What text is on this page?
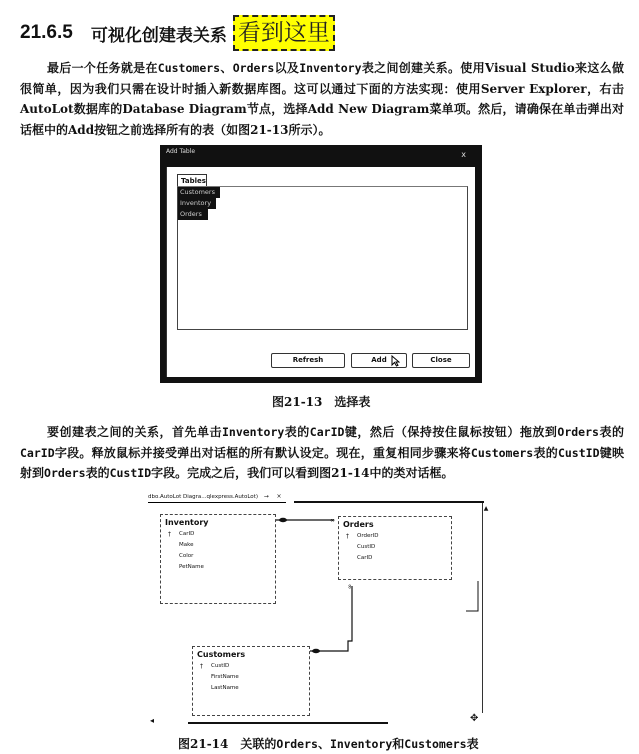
21.6.5 可视化创建表关系 看到这里

最后一个任务就是在Customers、Orders以及Inventory表之间创建关系。使用Visual Studio来这么做很简单，因为我们只需在设计时插入新数据库图。这可以通过下面的方法实现：使用Server Explorer，右击AutoLot数据库的Database Diagram节点，选择Add New Diagram菜单项。然后，请确保在单击弹出对话框中的Add按钮之前选择所有的表（如图21-13所示）。

Add Table	x
Tables
Customers
Inventory
Orders
Refresh	Add	Close
图21-13　选择表

要创建表之间的关系，首先单击Inventory表的CarID键，然后（保持按住鼠标按钮）拖放到Orders表的CarID字段。释放鼠标并接受弹出对话框的所有默认设定。现在，重复相同步骤来将Customers表的CustID键映射到Orders表的CustID字段。完成之后，我们可以看到图21-14中的类对话框。

dbo.AutoLot Diagra...qlexpress.AutoLot) → ×
▲
Inventory
† CarID
Make
Color
PetName
Orders
† OrderID
CustID
CarID
Customers
† CustID
FirstName
LastName
∞
∞
◂	✥
图21-14　关联的Orders、Inventory和Customers表
